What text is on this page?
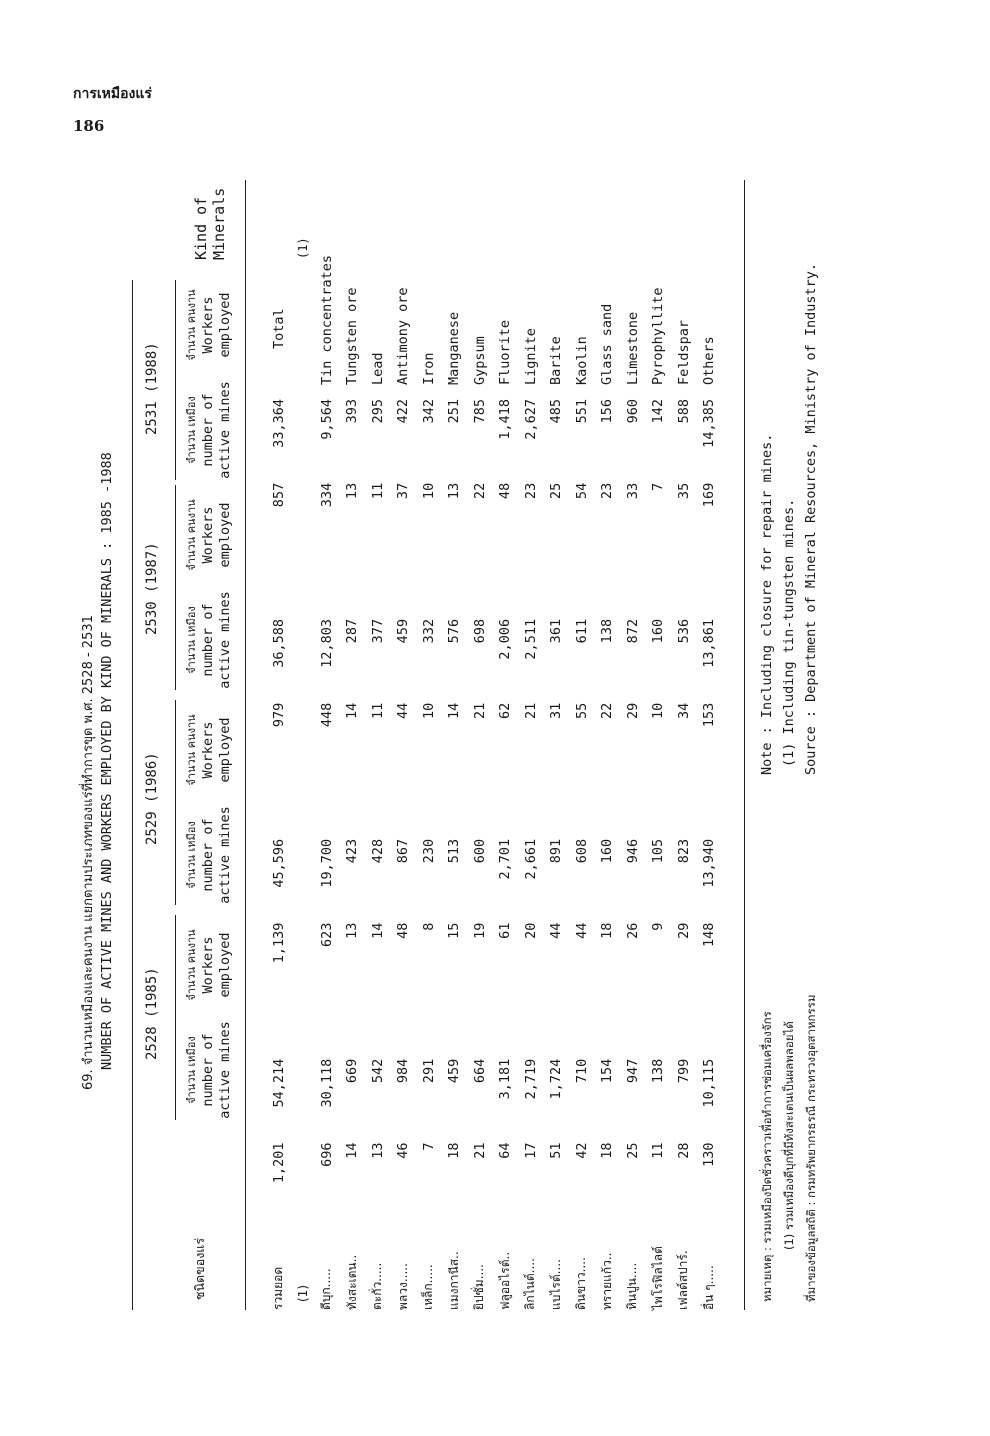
การเหมืองแร่
186
69. จำนวนเหมืองและคนงาน แยกตามประเภทของแร่ที่ทำการขุด พ.ศ. 2528 - 2531 NUMBER OF ACTIVE MINES AND WORKERS EMPLOYED BY KIND OF MINERALS : 1985 -1988 2528 (1985)
2529 (1986)
2530 (1987)
2531 (1988)
จำนวน เหมือง number of active mines
จำนวน คนงาน Workers employed
จำนวน เหมือง number of active mines
จำนวน คนงาน Workers employed
จำนวน เหมือง number of active mines
จำนวน คนงาน Workers employed
จำนวน เหมือง number of active mines
จำนวน คนงาน Workers employed
ชนิดของแร่
Kind of Minerals
รวมยอด	1,201	54,214	1,139	45,596	979	36,588	857	33,364	Total
(1)									(1)
ดีบุก.....	696	30,118	623	19,700	448	12,803	334	9,564	Tin concentrates
ทังสะเตน..	14	669	13	423	14	287	13	393	Tungsten ore
ตะกั่ว.....	13	542	14	428	11	377	11	295	Lead
พลวง.....	46	984	48	867	44	459	37	422	Antimony ore
เหล็ก.....	7	291	8	230	10	332	10	342	Iron
แมงกานีส..	18	459	15	513	14	576	13	251	Manganese
ยิปซั่ม....	21	664	19	600	21	698	22	785	Gypsum
ฟลูออไรต์..	64	3,181	61	2,701	62	2,006	48	1,418	Fluorite
ลิกไนต์....	17	2,719	20	2,661	21	2,511	23	2,627	Lignite
แบไรต์....	51	1,724	44	891	31	361	25	485	Barite
ดินขาว....	42	710	44	608	55	611	54	551	Kaolin
ทรายแก้ว..	18	154	18	160	22	138	23	156	Glass sand
หินปูน....	25	947	26	946	29	872	33	960	Limestone
ไพโรฟิลไลต์	11	138	9	105	10	160	7	142	Pyrophyllite
เฟลด์สปาร์.	28	799	29	823	34	536	35	588	Feldspar
อื่น ๆ.....	130	10,115	148	13,940	153	13,861	169	14,385	Others
หมายเหตุ : รวมเหมืองปิดชั่วคราวเพื่อทำการซ่อมเครื่องจักร (1) รวมเหมืองดีบุกที่มีทังสะเตนเป็นผลพลอยได้ ที่มาของข้อมูลสถิติ : กรมทรัพยากรธรณี กระทรวงอุตสาหกรรม
Note : Including closure for repair mines. (1) Including tin-tungsten mines. Source : Department of Mineral Resources, Ministry of Industry.
